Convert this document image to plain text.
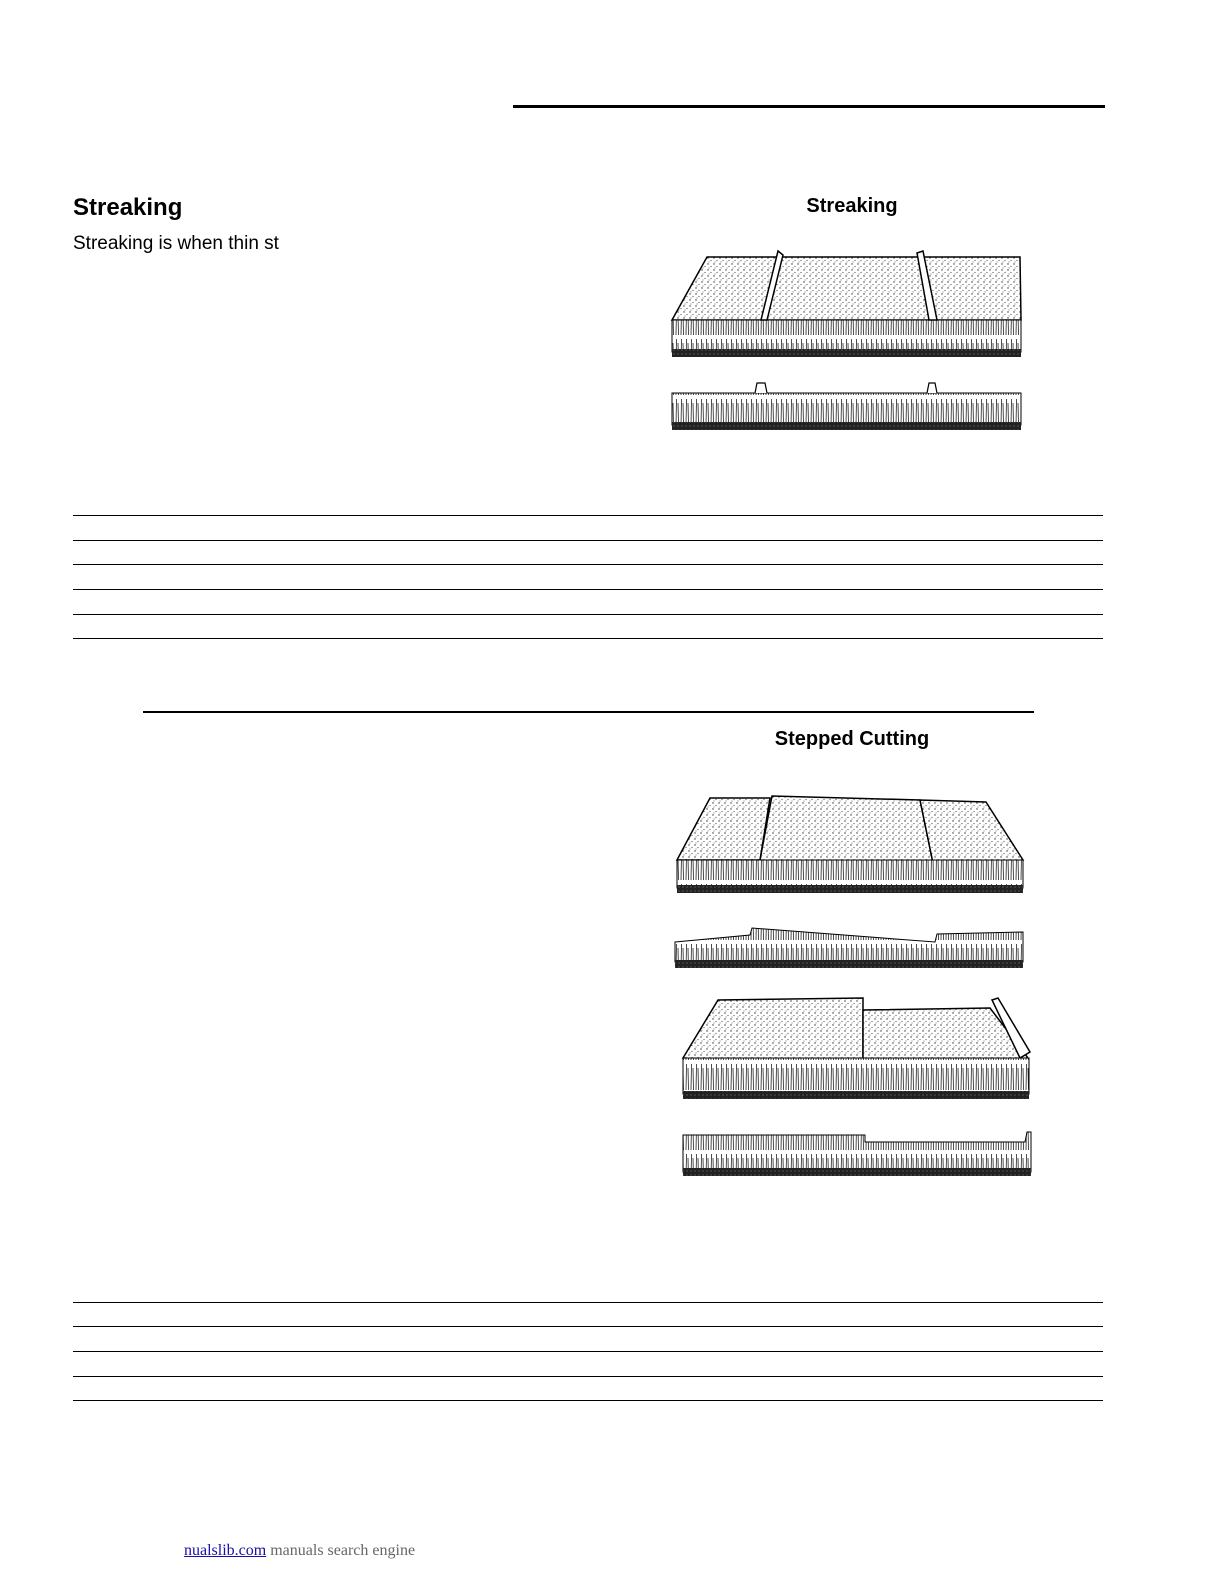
Streaking

Streaking is when thin st

Streaking
Stepped Cutting
nualslib.com manuals search engine
